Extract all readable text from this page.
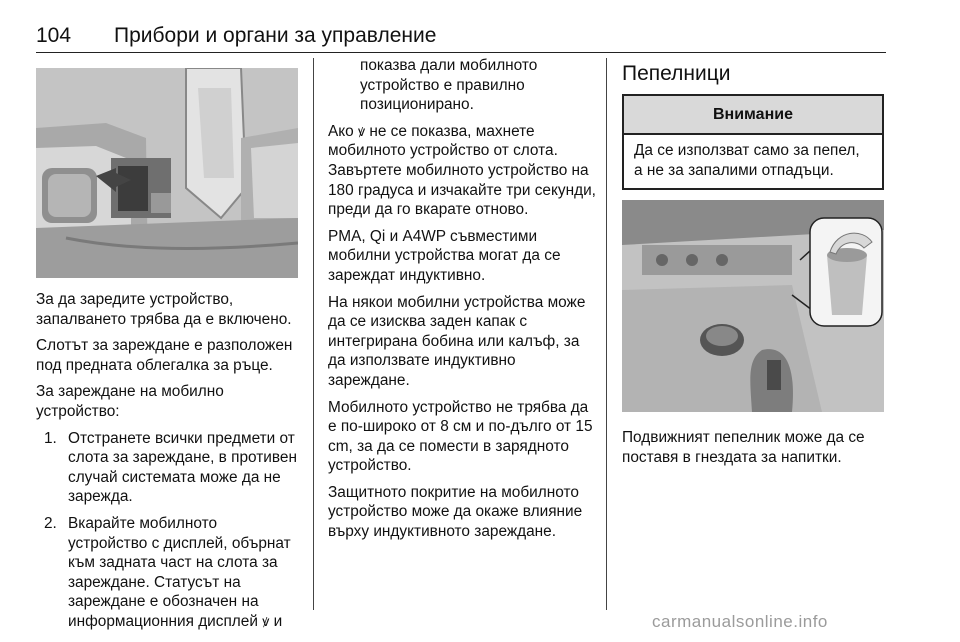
104 Прибори и органи за управление

За да заредите устройство, запалването трябва да е включено.

Слотът за зареждане е разположен под предната облегалка за ръце.

За зареждане на мобилно устройство:

1. Отстранете всички предмети от слота за зареждане, в противен случай системата може да не зарежда.
2. Вкарайте мобилното устройство с дисплей, обърнат към задната част на слота за зареждане. Статусът на зареждане е обозначен на информационния дисплей ꝟ и

показва дали мобилното устройство е правилно позиционирано.

Ако ꝟ не се показва, махнете мобилното устройство от слота. Завъртете мобилното устройство на 180 градуса и изчакайте три секунди, преди да го вкарате отново.

PMA, Qi и A4WP съвместими мобилни устройства могат да се зареждат индуктивно.

На някои мобилни устройства може да се изисква заден капак с интегрирана бобина или калъф, за да използвате индуктивно зареждане.

Мобилното устройство не трябва да е по-широко от 8 см и по-дълго от 15 cm, за да се помести в зарядното устройство.

Защитното покритие на мобилното устройство може да окаже влияние върху индуктивното зареждане.

Пепелници
Внимание
Да се използват само за пепел, а не за запалими отпадъци.

Подвижният пепелник може да се поставя в гнездата за напитки.

carmanualsonline.info
